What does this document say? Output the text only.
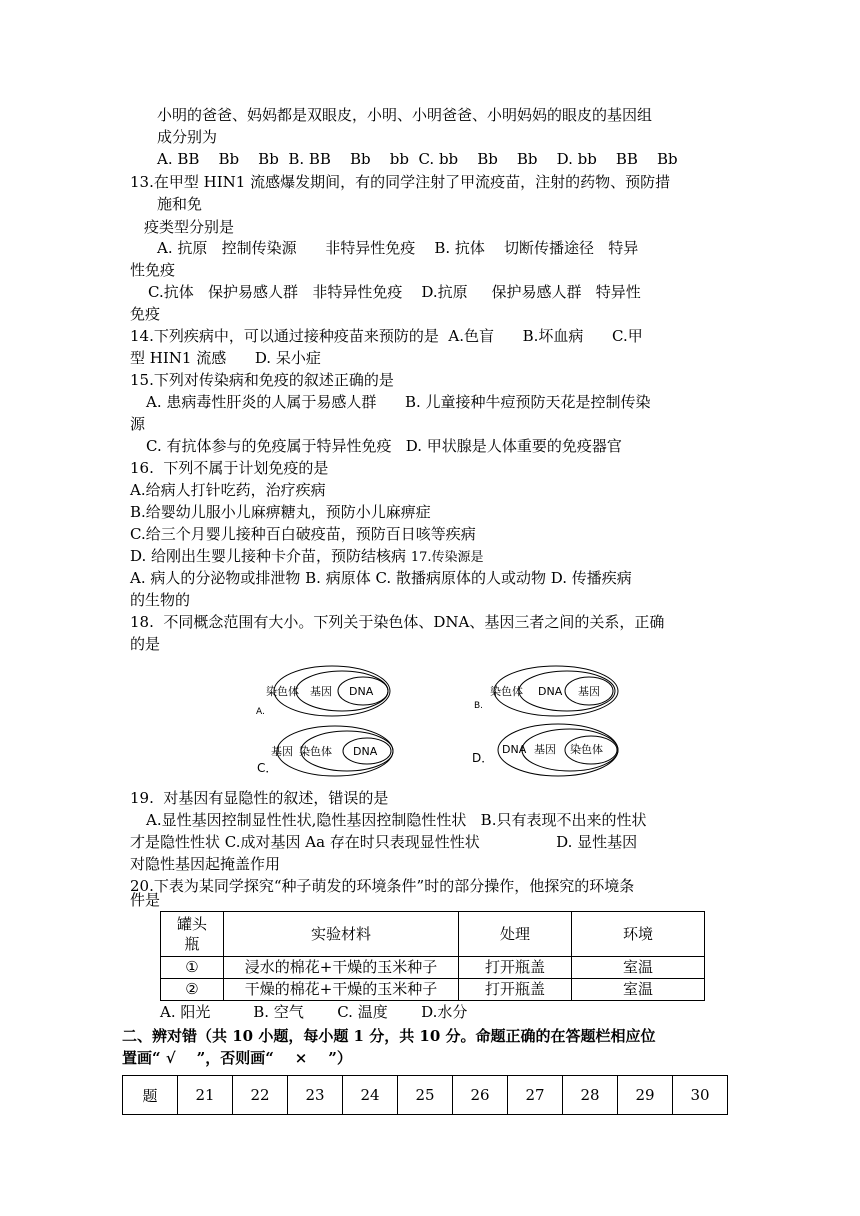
小明的爸爸、妈妈都是双眼皮，小明、小明爸爸、小明妈妈的眼皮的基因组
成分别为
A. BB    Bb    Bb  B. BB    Bb    bb  C. bb    Bb    Bb    D. bb    BB    Bb
13.在甲型 HIN1 流感爆发期间，有的同学注射了甲流疫苗，注射的药物、预防措
施和免
疫类型分别是
A. 抗原   控制传染源      非特异性免疫    B. 抗体    切断传播途径   特异
性免疫
C.抗体   保护易感人群   非特异性免疫    D.抗原     保护易感人群   特异性
免疫
14.下列疾病中，可以通过接种疫苗来预防的是  A.色盲      B.坏血病      C.甲
型 HIN1 流感      D. 呆小症
15.下列对传染病和免疫的叙述正确的是
A. 患病毒性肝炎的人属于易感人群      B. 儿童接种牛痘预防天花是控制传染
源
C. 有抗体参与的免疫属于特异性免疫   D. 甲状腺是人体重要的免疫器官
16.  下列不属于计划免疫的是
A.给病人打针吃药，治疗疾病
B.给婴幼儿服小儿麻痹糖丸，预防小儿麻痹症
C.给三个月婴儿接种百白破疫苗，预防百日咳等疾病
D. 给刚出生婴儿接种卡介苗，预防结核病 17.传染源是
A. 病人的分泌物或排泄物 B. 病原体 C. 散播病原体的人或动物 D. 传播疾病
的生物的
18.  不同概念范围有大小。下列关于染色体、DNA、基因三者之间的关系，正确
的是
染色体 基因 DNA
A.
染色体 DNA 基因
B.
基因 染色体 DNA
C．
DNA 基因 染色体
D．
19.  对基因有显隐性的叙述，错误的是
A.显性基因控制显性性状,隐性基因控制隐性性状   B.只有表现不出来的性状
才是隐性性状 C.成对基因 Aa 存在时只表现显性性状                D. 显性基因
对隐性基因起掩盖作用
20.下表为某同学探究“种子萌发的环境条件”时的部分操作，他探究的环境条
件是
罐头瓶	实验材料	处理	环境
①	浸水的棉花+干燥的玉米种子	打开瓶盖	室温
②	干燥的棉花+干燥的玉米种子	打开瓶盖	室温
A. 阳光         B. 空气       C. 温度       D.水分
二、辨对错（共 10 小题，每小题 1 分，共 10 分。命题正确的在答题栏相应位
置画“ √    ”，否则画“    ×    ”）
题	21	22	23	24	25	26	27	28	29	30
